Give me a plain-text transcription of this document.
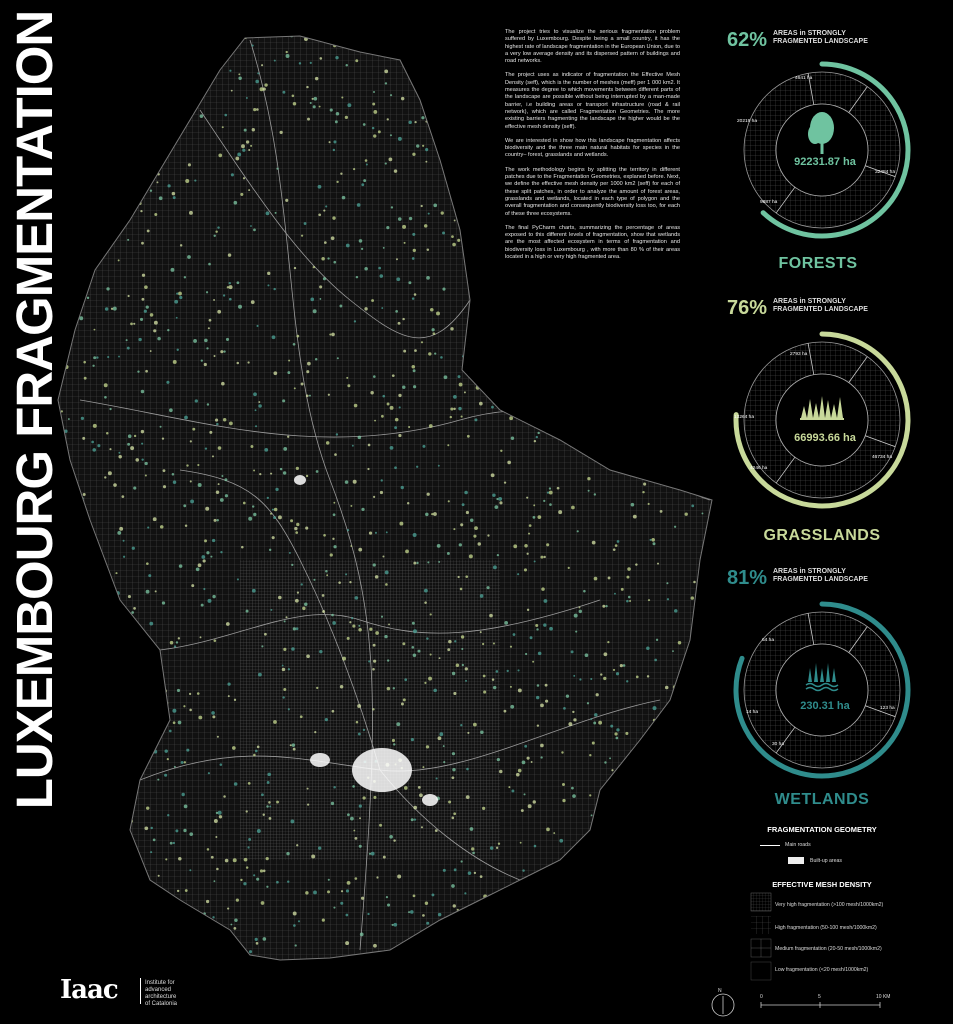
LUXEMBOURG FRAGMENTATION	The project tries to visualize the serious fragmentation problem suffered by Luxembourg. Despite being a small country, it has the highest rate of landscape fragmentation in the European Union, due to a very low average density and its dispersed pattern of buildings and road networks.

The project uses as indicator of fragmentation the Effective Mesh Density (seff), which is the number of meshes (meff) per 1 000 km2. It measures the degree to which movements between different parts of the landscape are possible without being interrupted by a man-made barrier, i.e building areas or transport infrastructure (road & rail network), which are called Fragmentation Geometries. The more existing barriers fragmenting the landscape the higher would be the effective mesh density (seff).

We are interested in show how this landscape fragmentation affects biodiversity and the three main natural habitats for species in the country– forest, grasslands and wetlands.

The work methodology begins by splitting the territory in different patches due to the Fragmentation Geometries, explaned before. Next, we define the effective mesh density per 1000 km2 (seff) for each of these split patches, in order to analyze the amount of forest areas, grasslands and wetlands, located in each type of polygon and the overall fragmentation and consequently biodiversity loss too, for each of these three ecosystems.

The final PyCharm charts, summarizing the percentage of areas exposed to this different levels of fragmentation, show that wetlands are the most affected ecosystem in terms of fragmentation and biodiversity loss in Luxembourg , with more than 80 % of their areas located in a high or very high fragmented area.

62% AREAS in STRONGLY
FRAGMENTED LANDSCAPE
92231.87 ha
4641 ha
20219 ha
32484 ha
9887 ha
FORESTS
76% AREAS in STRONGLY
FRAGMENTED LANDSCAPE
66993.66 ha
2793 ha
13264 ha
46734 ha
4246 ha
GRASSLANDS
81% AREAS in STRONGLY
FRAGMENTED LANDSCAPE
230.31 ha
64 ha
14 ha
123 ha
30 ha
WETLANDS
FRAGMENTATION GEOMETRY
Main roads
Built-up areas
EFFECTIVE MESH DENSITY
Very high fragmentation (>100 mesh/1000km2)
High fragmentation (50-100 mesh/1000km2)
Medium fragmentation (20-50 mesh/1000km2)
Low fragmentation (<20 mesh/1000km2)
Iaac	Institute for
advanced
architecture
of Catalonia
N
0	5	10 KM
